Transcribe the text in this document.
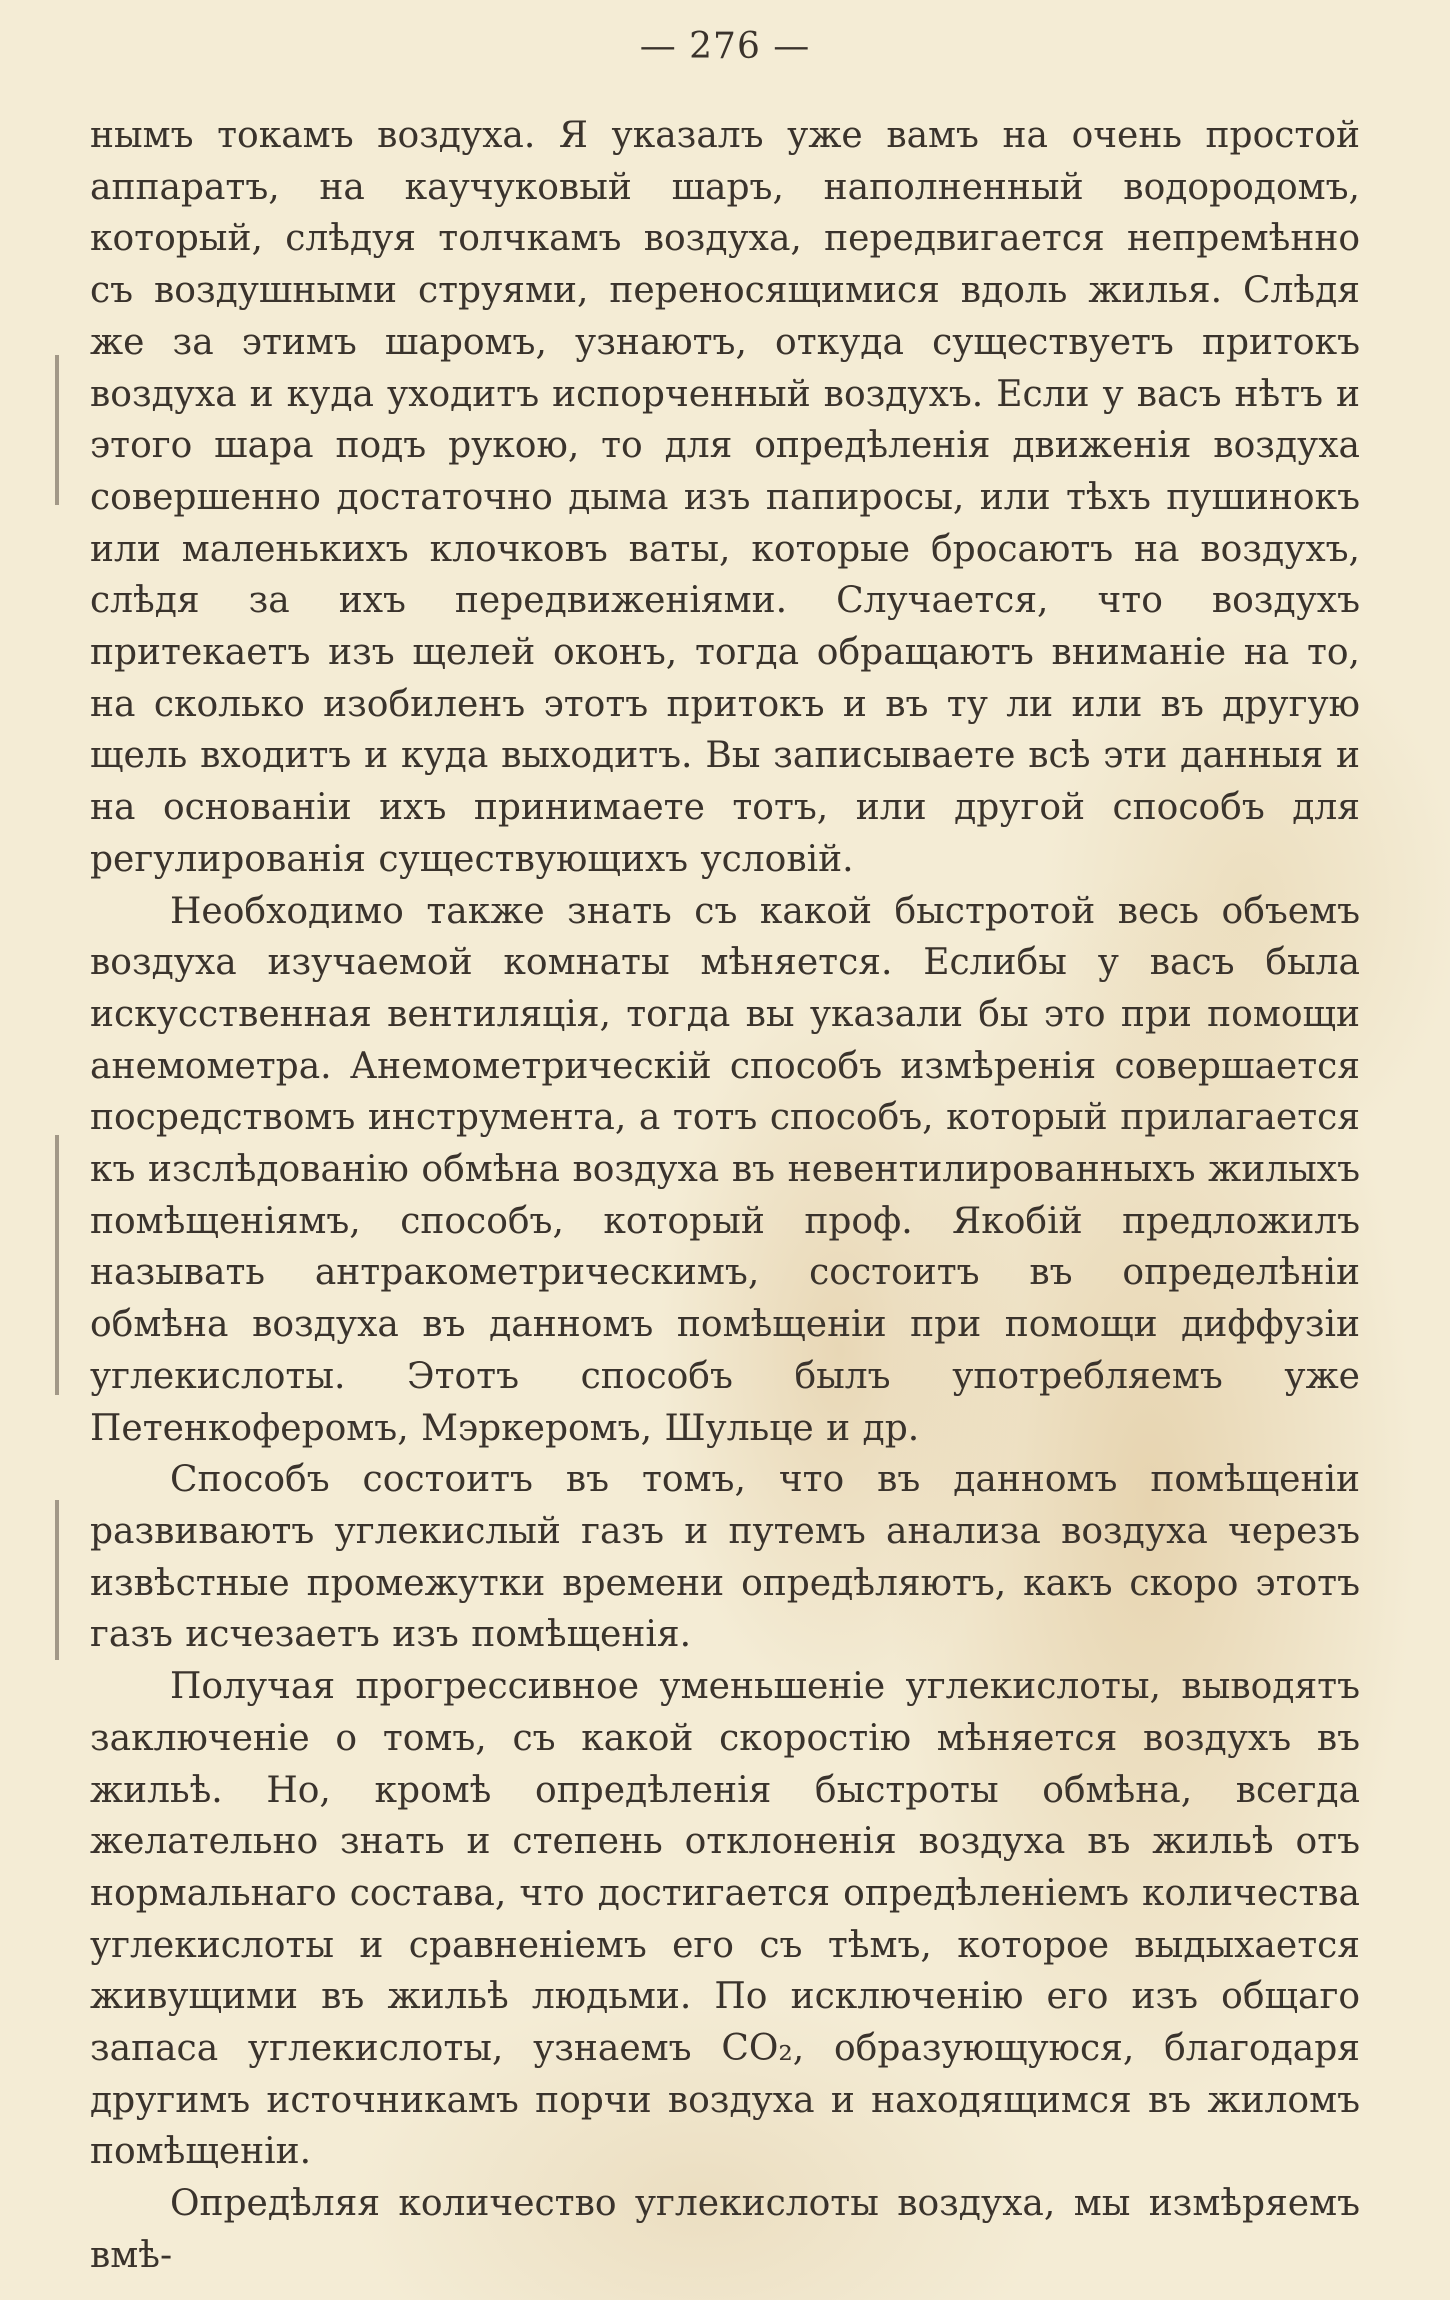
— 276 —

нымъ токамъ воздуха. Я указалъ уже вамъ на очень простой аппаратъ, на каучуковый шаръ, наполненный водородомъ, который, слѣдуя толчкамъ воздуха, передвигается непремѣнно съ воздушными струями, переносящимися вдоль жилья. Слѣдя же за этимъ шаромъ, узнаютъ, откуда существуетъ притокъ воздуха и куда уходитъ испорченный воздухъ. Если у васъ нѣтъ и этого шара подъ рукою, то для опредѣленія движенія воздуха совершенно достаточно дыма изъ папиросы, или тѣхъ пушинокъ или маленькихъ клочковъ ваты, которые бросаютъ на воздухъ, слѣдя за ихъ передвиженіями. Случается, что воздухъ притекаетъ изъ щелей оконъ, тогда обращаютъ вниманіе на то, на сколько изобиленъ этотъ притокъ и въ ту ли или въ другую щель входитъ и куда выходитъ. Вы записываете всѣ эти данныя и на основаніи ихъ принимаете тотъ, или другой способъ для регулированія существующихъ условій.

Необходимо также знать съ какой быстротой весь объемъ воздуха изучаемой комнаты мѣняется. Еслибы у васъ была искусственная вентиляція, тогда вы указали бы это при помощи анемометра. Анемометрическій способъ измѣренія совершается посредствомъ инструмента, а тотъ способъ, который прилагается къ изслѣдованію обмѣна воздуха въ невентилированныхъ жилыхъ помѣщеніямъ, способъ, который проф. Якобій предложилъ называть антракометрическимъ, состоитъ въ определѣніи обмѣна воздуха въ данномъ помѣщеніи при помощи диффузіи углекислоты. Этотъ способъ былъ употребляемъ уже Петенкоферомъ, Мэркеромъ, Шульце и др.

Способъ состоитъ въ томъ, что въ данномъ помѣщеніи развиваютъ углекислый газъ и путемъ анализа воздуха черезъ извѣстные промежутки времени опредѣляютъ, какъ скоро этотъ газъ исчезаетъ изъ помѣщенія.

Получая прогрессивное уменьшеніе углекислоты, выводятъ заключеніе о томъ, съ какой скоростію мѣняется воздухъ въ жильѣ. Но, кромѣ опредѣленія быстроты обмѣна, всегда желательно знать и степень отклоненія воздуха въ жильѣ отъ нормальнаго состава, что достигается опредѣленіемъ количества углекислоты и сравненіемъ его съ тѣмъ, которое выдыхается живущими въ жильѣ людьми. По исключенію его изъ общаго запаса углекислоты, узнаемъ CO₂, образующуюся, благодаря другимъ источникамъ порчи воздуха и находящимся въ жиломъ помѣщеніи.

Опредѣляя количество углекислоты воздуха, мы измѣряемъ вмѣ-
